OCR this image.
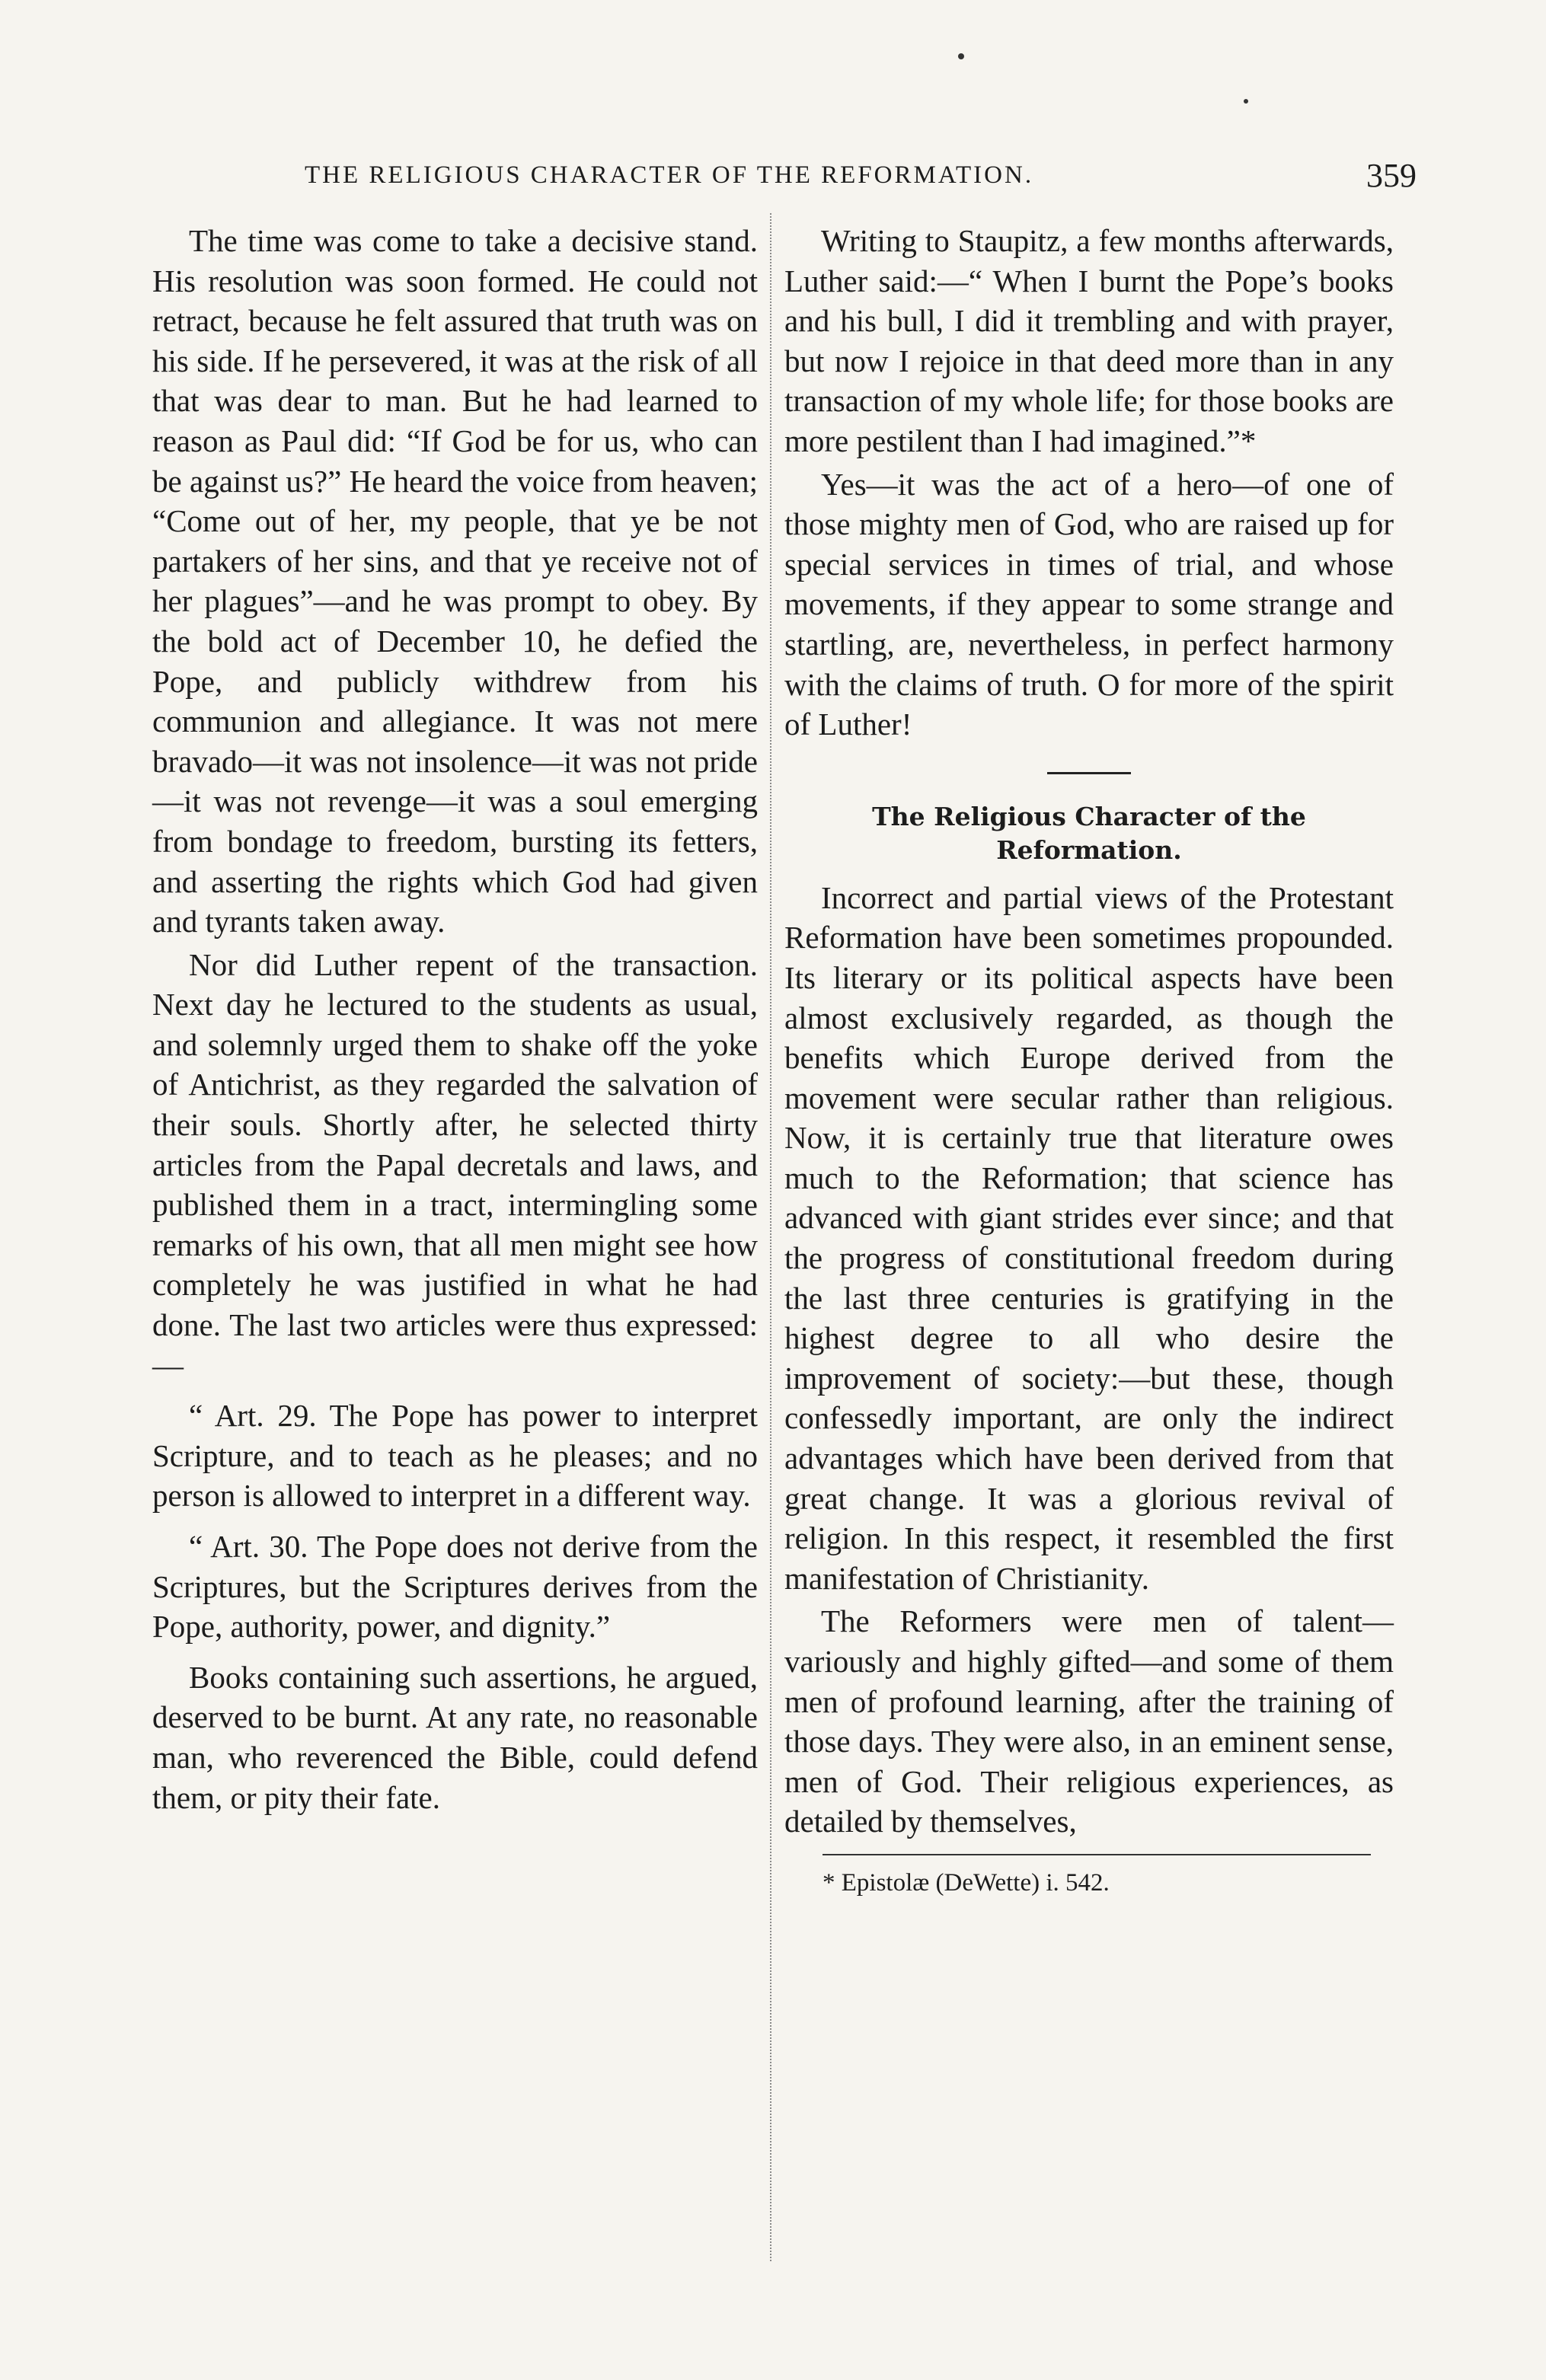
THE RELIGIOUS CHARACTER OF THE REFORMATION.	359

The time was come to take a decisive stand. His resolution was soon formed. He could not retract, because he felt assured that truth was on his side. If he persevered, it was at the risk of all that was dear to man. But he had learned to reason as Paul did: “If God be for us, who can be against us?” He heard the voice from heaven; “Come out of her, my people, that ye be not partakers of her sins, and that ye receive not of her plagues”—and he was prompt to obey. By the bold act of December 10, he defied the Pope, and publicly withdrew from his communion and allegiance. It was not mere bravado—it was not insolence—it was not pride—it was not revenge—it was a soul emerging from bondage to freedom, bursting its fetters, and asserting the rights which God had given and tyrants taken away.

Nor did Luther repent of the transaction. Next day he lectured to the students as usual, and solemnly urged them to shake off the yoke of Antichrist, as they regarded the salvation of their souls. Shortly after, he selected thirty articles from the Papal decretals and laws, and published them in a tract, intermingling some remarks of his own, that all men might see how completely he was justified in what he had done. The last two articles were thus expressed:—

“ Art. 29. The Pope has power to interpret Scripture, and to teach as he pleases; and no person is allowed to interpret in a different way.

“ Art. 30. The Pope does not derive from the Scriptures, but the Scriptures derives from the Pope, authority, power, and dignity.”

Books containing such assertions, he argued, deserved to be burnt. At any rate, no reasonable man, who reverenced the Bible, could defend them, or pity their fate.

Writing to Staupitz, a few months afterwards, Luther said:—“ When I burnt the Pope’s books and his bull, I did it trembling and with prayer, but now I rejoice in that deed more than in any transaction of my whole life; for those books are more pestilent than I had imagined.”*

Yes—it was the act of a hero—of one of those mighty men of God, who are raised up for special services in times of trial, and whose movements, if they appear to some strange and startling, are, nevertheless, in perfect harmony with the claims of truth. O for more of the spirit of Luther!

The Religious Character of the Reformation.

Incorrect and partial views of the Protestant Reformation have been sometimes propounded. Its literary or its political aspects have been almost exclusively regarded, as though the benefits which Europe derived from the movement were secular rather than religious. Now, it is certainly true that literature owes much to the Reformation; that science has advanced with giant strides ever since; and that the progress of constitutional freedom during the last three centuries is gratifying in the highest degree to all who desire the improvement of society:—but these, though confessedly important, are only the indirect advantages which have been derived from that great change. It was a glorious revival of religion. In this respect, it resembled the first manifestation of Christianity.

The Reformers were men of talent—variously and highly gifted—and some of them men of profound learning, after the training of those days. They were also, in an eminent sense, men of God. Their religious experiences, as detailed by themselves,

* Epistolæ (DeWette) i. 542.
